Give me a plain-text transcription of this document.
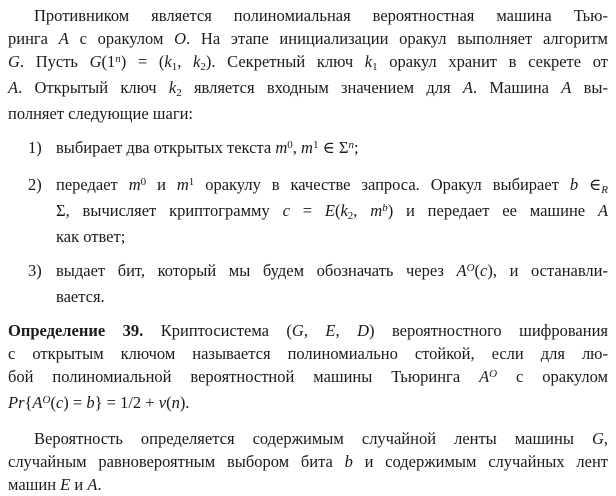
Противником является полиномиальная вероятностная машина Тью-
ринга A с оракулом O. На этапе инициализации оракул выполняет алгоритм
G. Пусть $G(1^n) = (k1$, k2). Секретный ключ k1 оракул хранит в секрете от
A. Открытый ключ k2 является входным значением для A. Машина A вы-
полняет следующие шаги:
1) выбирает два открытых текста $m^0$, $m^1$ ∈ $\Sigma^n$;
2) передает $m^0$ и $m^1$ оракулу в качестве запроса. Оракул выбирает b ∈R
Σ, вычисляет криптограмму c = E(k2, $m^b$) и передает ее машине A
как ответ;
3) выдает бит, который мы будем обозначать через $A^O(c)$, и останавли-
вается.
Определение 39. Криптосистема (G, E, D) вероятностного шифрования
с открытым ключом называется полиномиально стойкой, если для лю-
бой полиномиальной вероятностной машины Тьюринга $A^O$ с оракулом
$Pr\{A^O(c) = b\} = 1/2 + \nu(n)$.
Вероятность определяется содержимым случайной ленты машины G,
случайным равновероятным выбором бита b и содержимым случайных лент
машин E и A.
